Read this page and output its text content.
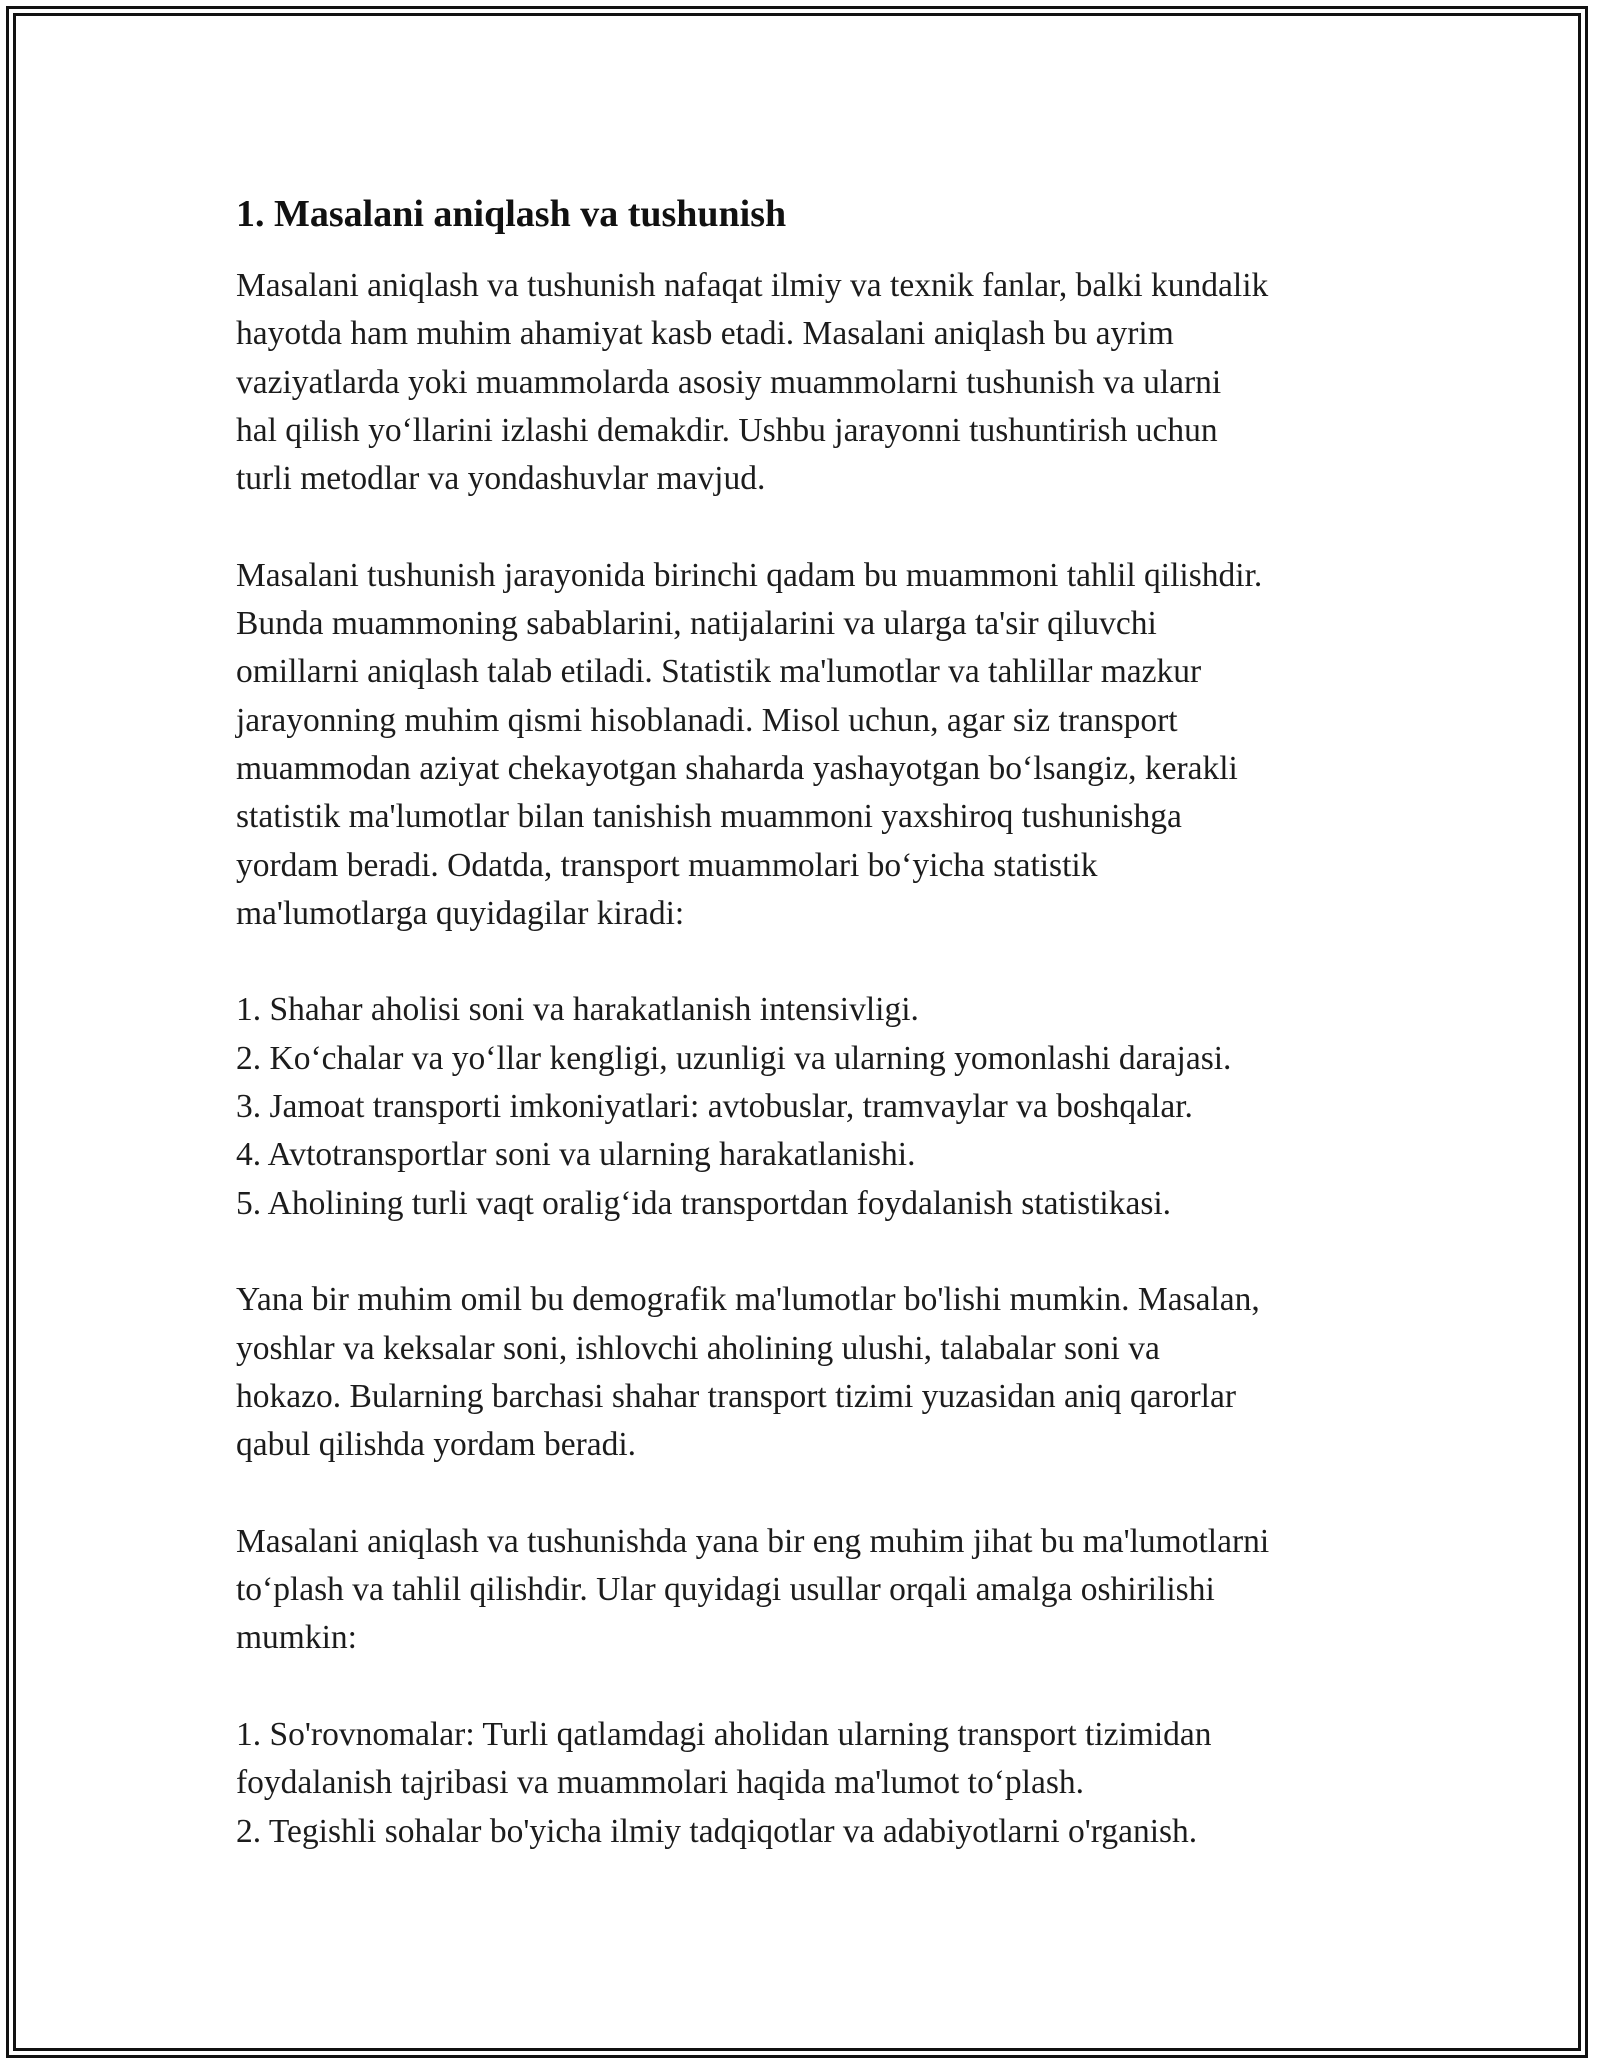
1. Masalani aniqlash va tushunish

Masalani aniqlash va tushunish nafaqat ilmiy va texnik fanlar, balki kundalik

hayotda ham muhim ahamiyat kasb etadi. Masalani aniqlash bu ayrim

vaziyatlarda yoki muammolarda asosiy muammolarni tushunish va ularni

hal qilish yo‘llarini izlashi demakdir. Ushbu jarayonni tushuntirish uchun

turli metodlar va yondashuvlar mavjud.

Masalani tushunish jarayonida birinchi qadam bu muammoni tahlil qilishdir.

Bunda muammoning sabablarini, natijalarini va ularga ta'sir qiluvchi

omillarni aniqlash talab etiladi. Statistik ma'lumotlar va tahlillar mazkur

jarayonning muhim qismi hisoblanadi. Misol uchun, agar siz transport

muammodan aziyat chekayotgan shaharda yashayotgan bo‘lsangiz, kerakli

statistik ma'lumotlar bilan tanishish muammoni yaxshiroq tushunishga

yordam beradi. Odatda, transport muammolari bo‘yicha statistik

ma'lumotlarga quyidagilar kiradi:

1. Shahar aholisi soni va harakatlanish intensivligi.

2. Ko‘chalar va yo‘llar kengligi, uzunligi va ularning yomonlashi darajasi.

3. Jamoat transporti imkoniyatlari: avtobuslar, tramvaylar va boshqalar.

4. Avtotransportlar soni va ularning harakatlanishi.

5. Aholining turli vaqt oralig‘ida transportdan foydalanish statistikasi.

Yana bir muhim omil bu demografik ma'lumotlar bo'lishi mumkin. Masalan,

yoshlar va keksalar soni, ishlovchi aholining ulushi, talabalar soni va

hokazo. Bularning barchasi shahar transport tizimi yuzasidan aniq qarorlar

qabul qilishda yordam beradi.

Masalani aniqlash va tushunishda yana bir eng muhim jihat bu ma'lumotlarni

to‘plash va tahlil qilishdir. Ular quyidagi usullar orqali amalga oshirilishi

mumkin:

1. So'rovnomalar: Turli qatlamdagi aholidan ularning transport tizimidan

foydalanish tajribasi va muammolari haqida ma'lumot to‘plash.

2. Tegishli sohalar bo'yicha ilmiy tadqiqotlar va adabiyotlarni o'rganish.
